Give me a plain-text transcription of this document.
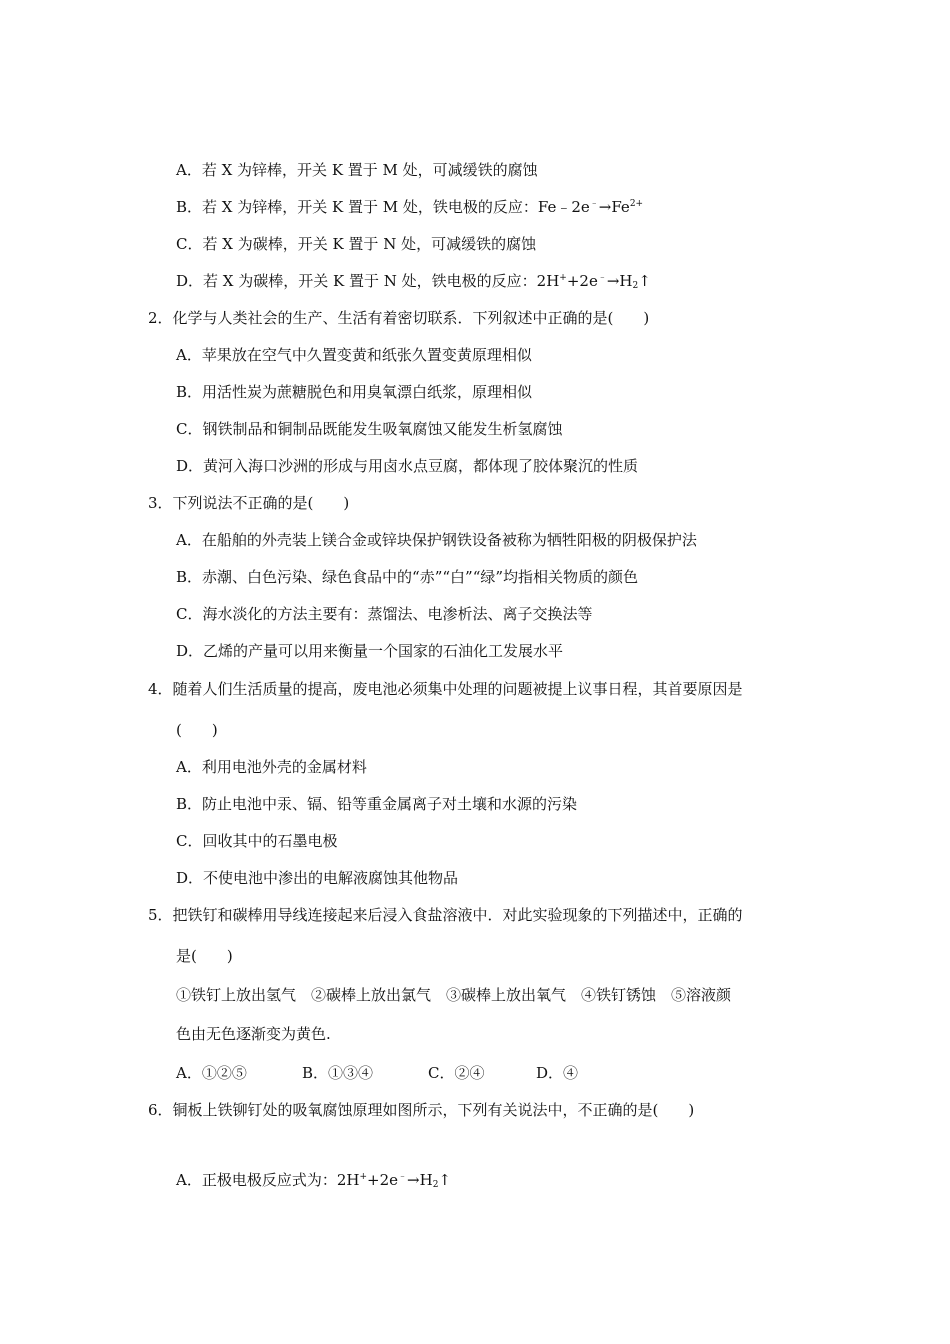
A．若 X 为锌棒，开关 K 置于 M 处，可减缓铁的腐蚀
B．若 X 为锌棒，开关 K 置于 M 处，铁电极的反应：$Fe﹣2e^﹣\to Fe^{2+}$
C．若 X 为碳棒，开关 K 置于 N 处，可减缓铁的腐蚀
D．若 X 为碳棒，开关 K 置于 N 处，铁电极的反应：$2H^++2e^﹣\to H_2↑$
2．化学与人类社会的生产、生活有着密切联系．下列叙述中正确的是(　　)
A．苹果放在空气中久置变黄和纸张久置变黄原理相似
B．用活性炭为蔗糖脱色和用臭氧漂白纸浆，原理相似
C．钢铁制品和铜制品既能发生吸氧腐蚀又能发生析氢腐蚀
D．黄河入海口沙洲的形成与用卤水点豆腐，都体现了胶体聚沉的性质
3．下列说法不正确的是(　　)
A．在船舶的外壳装上镁合金或锌块保护钢铁设备被称为牺牲阳极的阴极保护法
B．赤潮、白色污染、绿色食品中的“赤”“白”“绿”均指相关物质的颜色
C．海水淡化的方法主要有：蒸馏法、电渗析法、离子交换法等
D．乙烯的产量可以用来衡量一个国家的石油化工发展水平
4．随着人们生活质量的提高，废电池必须集中处理的问题被提上议事日程，其首要原因是
(　　)
A．利用电池外壳的金属材料
B．防止电池中汞、镉、铅等重金属离子对土壤和水源的污染
C．回收其中的石墨电极
D．不使电池中渗出的电解液腐蚀其他物品
5．把铁钉和碳棒用导线连接起来后浸入食盐溶液中．对此实验现象的下列描述中，正确的
是(　　)
①铁钉上放出氢气　②碳棒上放出氯气　③碳棒上放出氧气　④铁钉锈蚀　⑤溶液颜
色由无色逐渐变为黄色.
A．①②⑤	B．①③④	C．②④	D．④
6．铜板上铁铆钉处的吸氧腐蚀原理如图所示，下列有关说法中，不正确的是(　　)
A．正极电极反应式为：$2H^++2e^﹣\to H_2↑$
